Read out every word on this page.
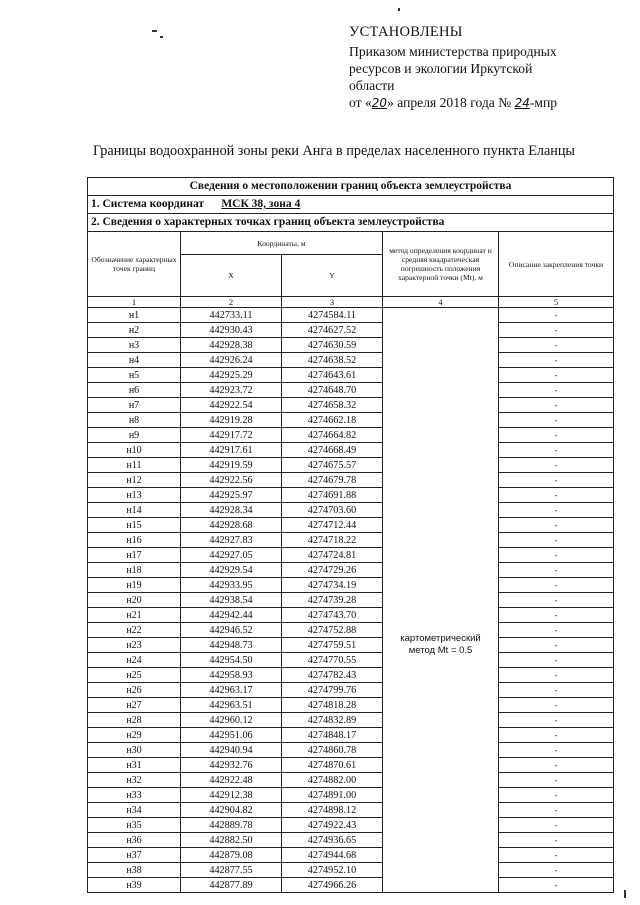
УСТАНОВЛЕНЫ
Приказом министерства природных
ресурсов и экологии Иркутской
области
от «20» апреля 2018 года № 24-мпр
Границы водоохранной зоны реки Анга в пределах населенного пункта Еланцы
Сведения о местоположении границ объекта землеустройства				
1. Система координат МСК 38, зона 4				
2. Сведения о характерных точках границ объекта землеустройства				
Обозначение характерных точек границ	Координаты, м		метод определения координат и средняя квадратическая погрешность положения характерной точки (Mt), м	Описание закрепления точки
	X	Y		
1	2	3	4	5
н1	442733.11	4274584.11	картометрический метод Mt = 0.5	-
н2	442930.43	4274627.52		-
н3	442928.38	4274630.59		-
н4	442926.24	4274638.52		-
н5	442925.29	4274643.61		-
н6	442923.72	4274648.70		-
н7	442922.54	4274658.32		-
н8	442919.28	4274662.18		-
н9	442917.72	4274664.82		-
н10	442917.61	4274668.49		-
н11	442919.59	4274675.57		-
н12	442922.56	4274679.78		-
н13	442925.97	4274691.88		-
н14	442928.34	4274703.60		-
н15	442928.68	4274712.44		-
н16	442927.83	4274718.22		-
н17	442927.05	4274724.81		-
н18	442929.54	4274729.26		-
н19	442933.95	4274734.19		-
н20	442938.54	4274739.28		-
н21	442942.44	4274743.70		-
н22	442946.52	4274752.88		-
н23	442948.73	4274759.51		-
н24	442954.50	4274770.55		-
н25	442958.93	4274782.43		-
н26	442963.17	4274799.76		-
н27	442963.51	4274818.28		-
н28	442960.12	4274832.89		-
н29	442951.06	4274848.17		-
н30	442940.94	4274860.78		-
н31	442932.76	4274870.61		-
н32	442922.48	4274882.00		-
н33	442912.38	4274891.00		-
н34	442904.82	4274898.12		-
н35	442889.78	4274922.43		-
н36	442882.50	4274936.65		-
н37	442879.08	4274944.68		-
н38	442877.55	4274952.10		-
н39	442877.89	4274966.26		-
